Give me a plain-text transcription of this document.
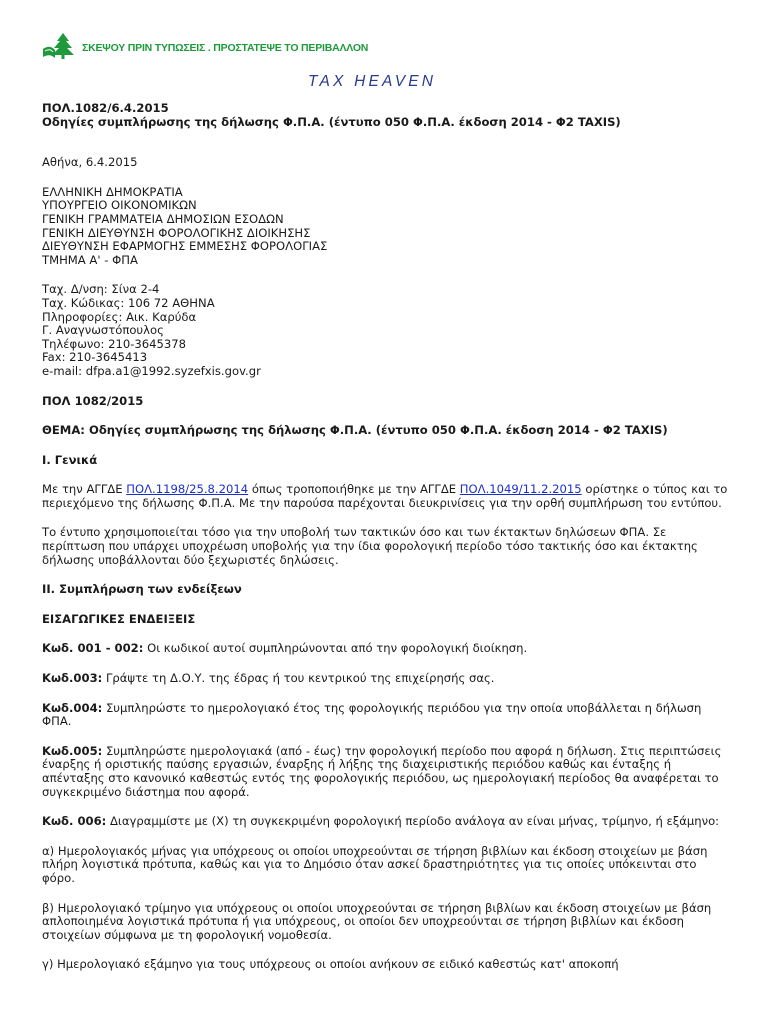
ΣΚΕΨΟΥ ΠΡΙΝ ΤΥΠΩΣΕΙΣ . ΠΡΟΣΤΑΤΕΨΕ ΤΟ ΠΕΡΙΒΑΛΛΟΝ
TAX HEAVEN

ΠΟΛ.1082/6.4.2015

Οδηγίες συμπλήρωσης της δήλωσης Φ.Π.Α. (έντυπο 050 Φ.Π.Α. έκδοση 2014 - Φ2 TAXIS)

Αθήνα, 6.4.2015

ΕΛΛΗΝΙΚΗ ΔΗΜΟΚΡΑΤΙΑ

ΥΠΟΥΡΓΕΙΟ ΟΙΚΟΝΟΜΙΚΩΝ

ΓΕΝΙΚΗ ΓΡΑΜΜΑΤΕΙΑ ΔΗΜΟΣΙΩΝ ΕΣΟΔΩΝ

ΓΕΝΙΚΗ ΔΙΕΥΘΥΝΣΗ ΦΟΡΟΛΟΓΙΚΗΣ ΔΙΟΙΚΗΣΗΣ

ΔΙΕΥΘΥΝΣΗ ΕΦΑΡΜΟΓΗΣ ΕΜΜΕΣΗΣ ΦΟΡΟΛΟΓΙΑΣ

ΤΜΗΜΑ Α' - ΦΠΑ

Ταχ. Δ/νση: Σίνα 2-4

Ταχ. Κώδικας: 106 72 ΑΘΗΝΑ

Πληροφορίες: Αικ. Καρύδα

Γ. Αναγνωστόπουλος

Τηλέφωνο: 210-3645378

Fax: 210-3645413

e-mail: dfpa.a1@1992.syzefxis.gov.gr

ΠΟΛ 1082/2015

ΘΕΜΑ: Οδηγίες συμπλήρωσης της δήλωσης Φ.Π.Α. (έντυπο 050 Φ.Π.Α. έκδοση 2014 - Φ2 TAXIS)

Ι. Γενικά

Με την ΑΓΓΔΕ ΠΟΛ.1198/25.8.2014 όπως τροποποιήθηκε με την ΑΓΓΔΕ ΠΟΛ.1049/11.2.2015 ορίστηκε ο τύπος και το περιεχόμενο της δήλωσης Φ.Π.Α. Με την παρούσα παρέχονται διευκρινίσεις για την ορθή συμπλήρωση του εντύπου.

Το έντυπο χρησιμοποιείται τόσο για την υποβολή των τακτικών όσο και των έκτακτων δηλώσεων ΦΠΑ. Σε περίπτωση που υπάρχει υποχρέωση υποβολής για την ίδια φορολογική περίοδο τόσο τακτικής όσο και έκτακτης δήλωσης υποβάλλονται δύο ξεχωριστές δηλώσεις.

ΙΙ. Συμπλήρωση των ενδείξεων

ΕΙΣΑΓΩΓΙΚΕΣ ΕΝΔΕΙΞΕΙΣ

Κωδ. 001 - 002: Οι κωδικοί αυτοί συμπληρώνονται από την φορολογική διοίκηση.

Κωδ.003: Γράψτε τη Δ.Ο.Υ. της έδρας ή του κεντρικού της επιχείρησής σας.

Κωδ.004: Συμπληρώστε το ημερολογιακό έτος της φορολογικής περιόδου για την οποία υποβάλλεται η δήλωση ΦΠΑ.

Κωδ.005: Συμπληρώστε ημερολογιακά (από - έως) την φορολογική περίοδο που αφορά η δήλωση. Στις περιπτώσεις έναρξης ή οριστικής παύσης εργασιών, έναρξης ή λήξης της διαχειριστικής περιόδου καθώς και ένταξης ή απένταξης στο κανονικό καθεστώς εντός της φορολογικής περιόδου, ως ημερολογιακή περίοδος θα αναφέρεται το συγκεκριμένο διάστημα που αφορά.

Κωδ. 006: Διαγραμμίστε με (Χ) τη συγκεκριμένη φορολογική περίοδο ανάλογα αν είναι μήνας, τρίμηνο, ή εξάμηνο:

α) Ημερολογιακός μήνας για υπόχρεους οι οποίοι υποχρεούνται σε τήρηση βιβλίων και έκδοση στοιχείων με βάση πλήρη λογιστικά πρότυπα, καθώς και για το Δημόσιο όταν ασκεί δραστηριότητες για τις οποίες υπόκεινται στο φόρο.

β) Ημερολογιακό τρίμηνο για υπόχρεους οι οποίοι υποχρεούνται σε τήρηση βιβλίων και έκδοση στοιχείων με βάση απλοποιημένα λογιστικά πρότυπα ή για υπόχρεους, οι οποίοι δεν υποχρεούνται σε τήρηση βιβλίων και έκδοση στοιχείων σύμφωνα με τη φορολογική νομοθεσία.

γ) Ημερολογιακό εξάμηνο για τους υπόχρεους οι οποίοι ανήκουν σε ειδικό καθεστώς κατ' αποκοπή
